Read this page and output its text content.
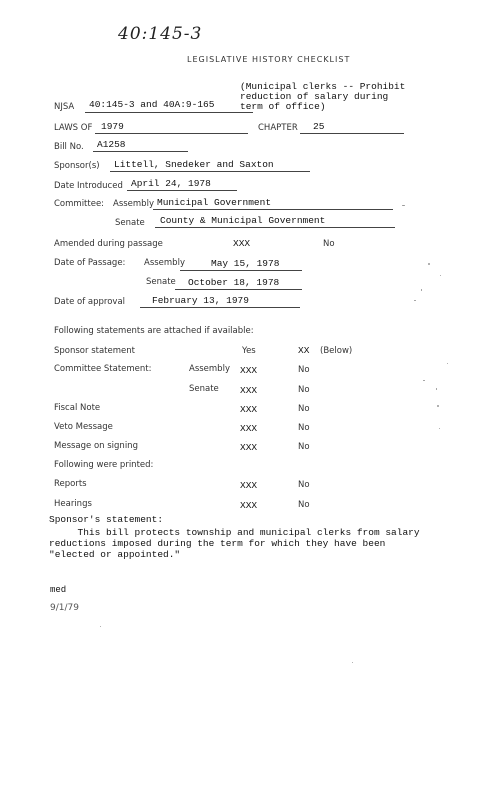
40:145-3
LEGISLATIVE HISTORY CHECKLIST
(Municipal clerks -- Prohibit
reduction of salary during
term of office)
NJSA 40:145-3 and 40A:9-165
LAWS OF 1979	CHAPTER 25
Bill No. A1258
Sponsor(s) Littell, Snedeker and Saxton
Date Introduced April 24, 1978
Committee: Assembly Municipal Government
Senate County & Municipal Government
Amended during passage	XXX	No
Date of Passage: Assembly	May 15, 1978
Senate October 18, 1978
Date of approval	February 13, 1979
Following statements are attached if available:
Sponsor statement	Yes	XX (Below)
Committee Statement:	Assembly XXX	No
Senate XXX	No
Fiscal Note	XXX	No
Veto Message	XXX	No
Message on signing	XXX	No
Following were printed:
Reports	XXX	No
Hearings	XXX	No
Sponsor's statement:
This bill protects township and municipal clerks from salary
reductions imposed during the term for which they have been
"elected or appointed."
med
9/1/79
